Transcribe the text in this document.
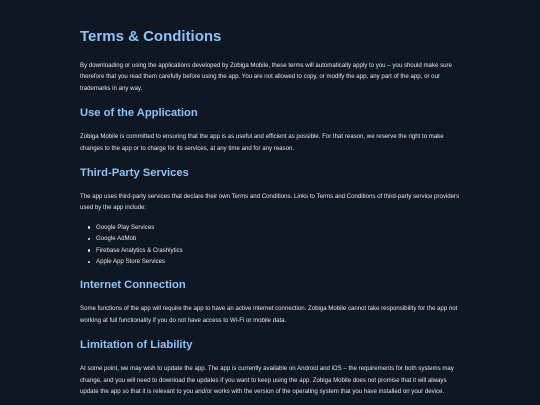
Terms & Conditions

By downloading or using the applications developed by Zobiga Mobile, these terms will automatically apply to you – you should make sure therefore that you read them carefully before using the app. You are not allowed to copy, or modify the app, any part of the app, or our trademarks in any way.

Use of the Application

Zobiga Mobile is committed to ensuring that the app is as useful and efficient as possible. For that reason, we reserve the right to make changes to the app or to charge for its services, at any time and for any reason.

Third-Party Services

The app uses third-party services that declare their own Terms and Conditions. Links to Terms and Conditions of third-party service providers used by the app include:

Google Play Services
Google AdMob
Firebase Analytics & Crashlytics
Apple App Store Services
Internet Connection

Some functions of the app will require the app to have an active internet connection. Zobiga Mobile cannot take responsibility for the app not working at full functionality if you do not have access to Wi-Fi or mobile data.

Limitation of Liability

At some point, we may wish to update the app. The app is currently available on Android and iOS – the requirements for both systems may change, and you will need to download the updates if you want to keep using the app. Zobiga Mobile does not promise that it will always update the app so that it is relevant to you and/or works with the version of the operating system that you have installed on your device.
